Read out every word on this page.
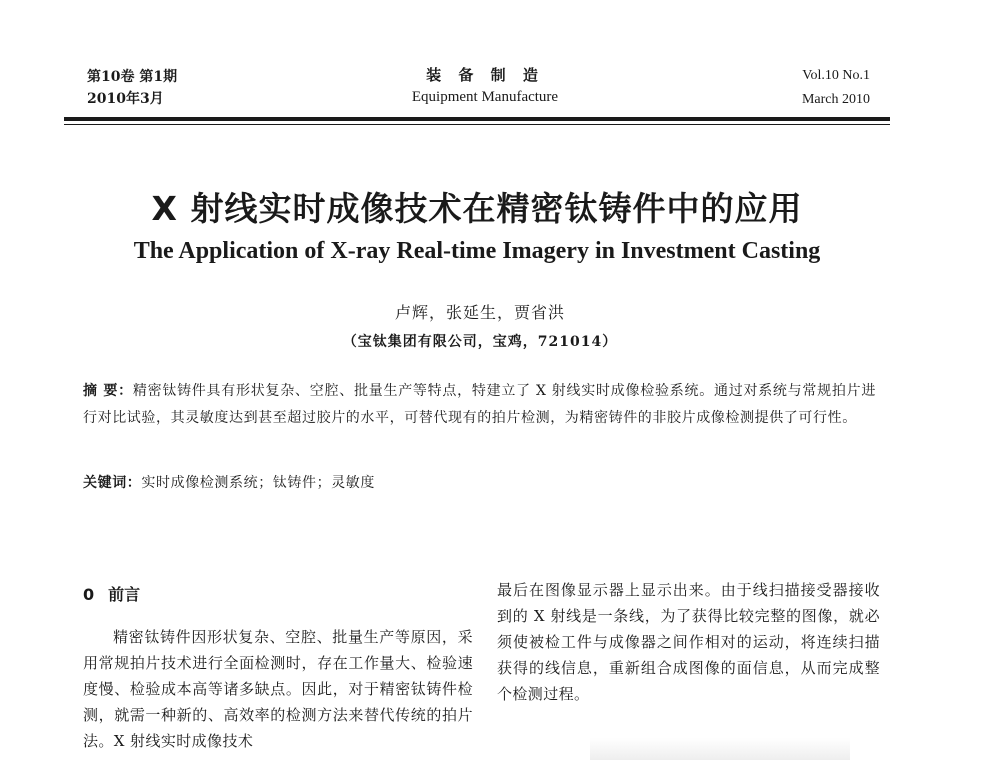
第10卷 第1期
2010年3月
装 备 制 造
Equipment Manufacture
Vol.10 No.1
March 2010
X 射线实时成像技术在精密钛铸件中的应用
The Application of X-ray Real-time Imagery in Investment Casting
卢辉，张延生，贾省洪
（宝钛集团有限公司，宝鸡，721014）
摘 要：精密钛铸件具有形状复杂、空腔、批量生产等特点，特建立了 X 射线实时成像检验系统。通过对系统与常规拍片进行对比试验，其灵敏度达到甚至超过胶片的水平，可替代现有的拍片检测，为精密铸件的非胶片成像检测提供了可行性。
关键词：实时成像检测系统；钛铸件；灵敏度
0 前言
精密钛铸件因形状复杂、空腔、批量生产等原因，采用常规拍片技术进行全面检测时，存在工作量大、检验速度慢、检验成本高等诸多缺点。因此，对于精密钛铸件检测，就需一种新的、高效率的检测方法来替代传统的拍片法。X 射线实时成像技术
最后在图像显示器上显示出来。由于线扫描接受器接收到的 X 射线是一条线，为了获得比较完整的图像，就必须使被检工件与成像器之间作相对的运动，将连续扫描获得的线信息，重新组合成图像的面信息，从而完成整个检测过程。
